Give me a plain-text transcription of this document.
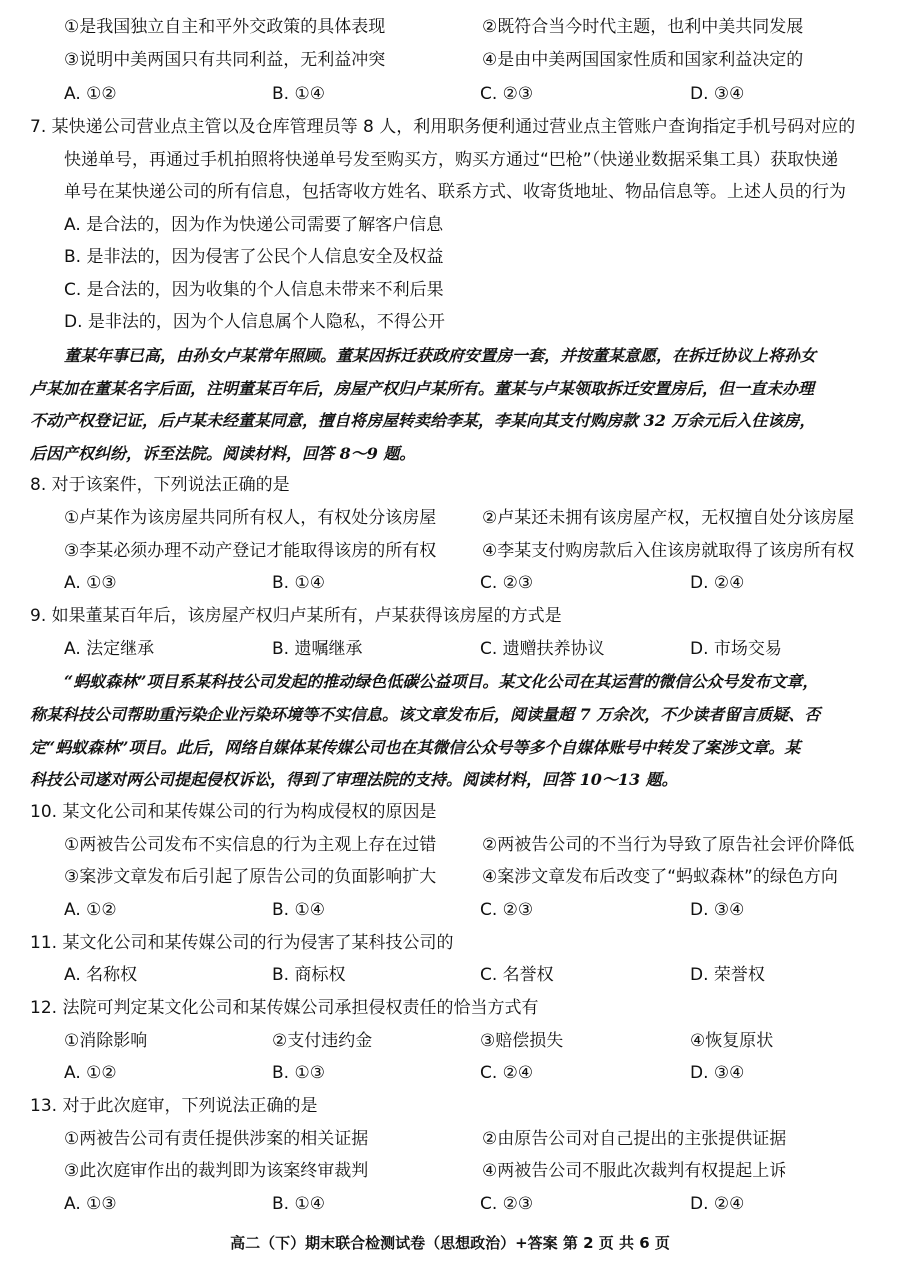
①是我国独立自主和平外交政策的具体表现	②既符合当今时代主题，也利中美共同发展
③说明中美两国只有共同利益，无利益冲突	④是由中美两国国家性质和国家利益决定的
A. ①②	B. ①④	C. ②③	D. ③④
7. 某快递公司营业点主管以及仓库管理员等 8 人，利用职务便利通过营业点主管账户查询指定手机号码对应的
快递单号，再通过手机拍照将快递单号发至购买方，购买方通过“巴枪”（快递业数据采集工具）获取快递
单号在某快递公司的所有信息，包括寄收方姓名、联系方式、收寄货地址、物品信息等。上述人员的行为
A. 是合法的，因为作为快递公司需要了解客户信息
B. 是非法的，因为侵害了公民个人信息安全及权益
C. 是合法的，因为收集的个人信息未带来不利后果
D. 是非法的，因为个人信息属个人隐私，不得公开
董某年事已高，由孙女卢某常年照顾。董某因拆迁获政府安置房一套，并按董某意愿，在拆迁协议上将孙女
卢某加在董某名字后面，注明董某百年后，房屋产权归卢某所有。董某与卢某领取拆迁安置房后，但一直未办理
不动产权登记证，后卢某未经董某同意，擅自将房屋转卖给李某，李某向其支付购房款 32 万余元后入住该房，
后因产权纠纷，诉至法院。阅读材料，回答 8～9 题。
8. 对于该案件，下列说法正确的是
①卢某作为该房屋共同所有权人，有权处分该房屋	②卢某还未拥有该房屋产权，无权擅自处分该房屋
③李某必须办理不动产登记才能取得该房的所有权	④李某支付购房款后入住该房就取得了该房所有权
A. ①③	B. ①④	C. ②③	D. ②④
9. 如果董某百年后，该房屋产权归卢某所有，卢某获得该房屋的方式是
A. 法定继承	B. 遗嘱继承	C. 遗赠扶养协议	D. 市场交易
“蚂蚁森林”项目系某科技公司发起的推动绿色低碳公益项目。某文化公司在其运营的微信公众号发布文章，
称某科技公司帮助重污染企业污染环境等不实信息。该文章发布后，阅读量超 7 万余次，不少读者留言质疑、否
定“蚂蚁森林”项目。此后，网络自媒体某传媒公司也在其微信公众号等多个自媒体账号中转发了案涉文章。某
科技公司遂对两公司提起侵权诉讼，得到了审理法院的支持。阅读材料，回答 10～13 题。
10. 某文化公司和某传媒公司的行为构成侵权的原因是
①两被告公司发布不实信息的行为主观上存在过错	②两被告公司的不当行为导致了原告社会评价降低
③案涉文章发布后引起了原告公司的负面影响扩大	④案涉文章发布后改变了“蚂蚁森林”的绿色方向
A. ①②	B. ①④	C. ②③	D. ③④
11. 某文化公司和某传媒公司的行为侵害了某科技公司的
A. 名称权	B. 商标权	C. 名誉权	D. 荣誉权
12. 法院可判定某文化公司和某传媒公司承担侵权责任的恰当方式有
①消除影响	②支付违约金	③赔偿损失	④恢复原状
A. ①②	B. ①③	C. ②④	D. ③④
13. 对于此次庭审，下列说法正确的是
①两被告公司有责任提供涉案的相关证据	②由原告公司对自己提出的主张提供证据
③此次庭审作出的裁判即为该案终审裁判	④两被告公司不服此次裁判有权提起上诉
A. ①③	B. ①④	C. ②③	D. ②④
高二（下）期末联合检测试卷（思想政治）+答案 第 2 页 共 6 页
